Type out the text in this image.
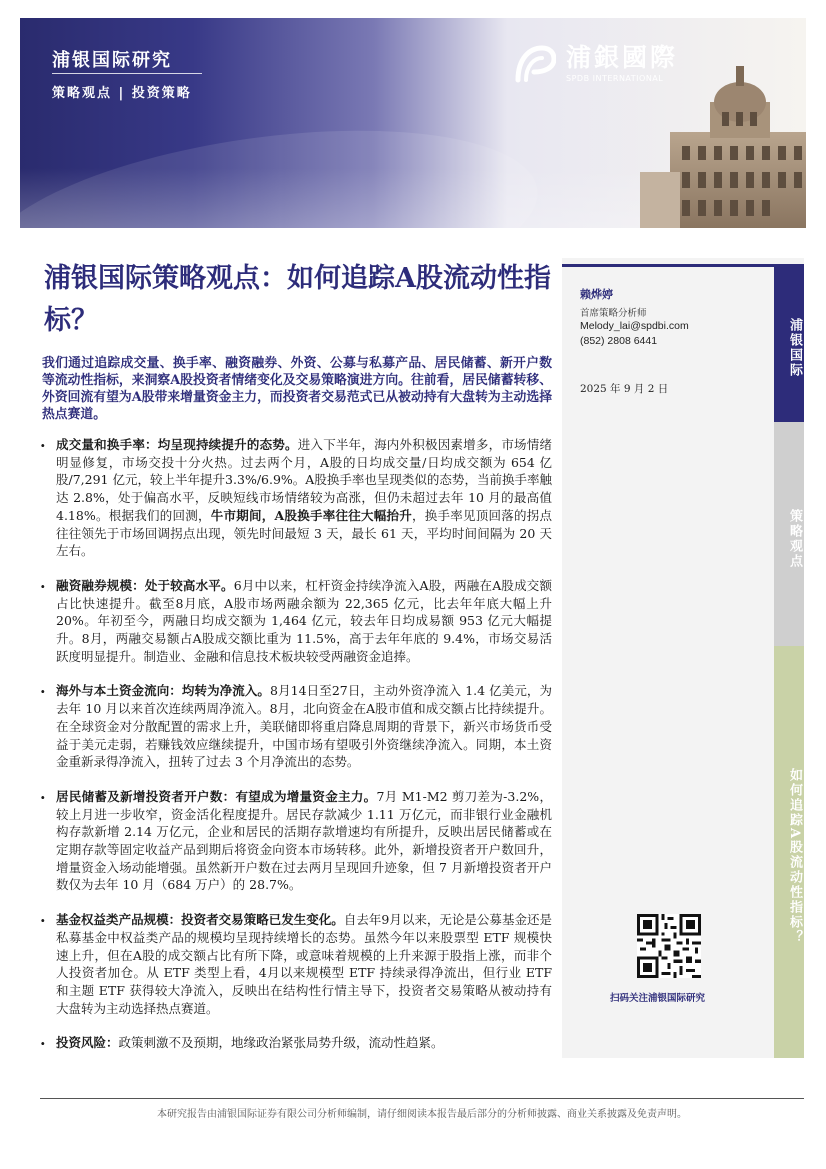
浦银国际研究
策略观点 | 投资策略
浦銀國際
SPDB INTERNATIONAL
浦银国际策略观点：如何追踪A股流动性指标？
我们通过追踪成交量、换手率、融资融券、外资、公募与私募产品、居民储蓄、新开户数等流动性指标，来洞察A股投资者情绪变化及交易策略演进方向。往前看，居民储蓄转移、外资回流有望为A股带来增量资金主力，而投资者交易范式已从被动持有大盘转为主动选择热点赛道。
. 成交量和换手率：均呈现持续提升的态势。进入下半年，海内外积极因素增多，市场情绪明显修复，市场交投十分火热。过去两个月，A股的日均成交量/日均成交额为 654 亿股/7,291 亿元，较上半年提升3.3%/6.9%。A股换手率也呈现类似的态势，当前换手率触达 2.8%，处于偏高水平，反映短线市场情绪较为高涨，但仍未超过去年 10 月的最高值 4.18%。根据我们的回测，牛市期间，A股换手率往往大幅抬升，换手率见顶回落的拐点往往领先于市场回调拐点出现，领先时间最短 3 天，最长 61 天，平均时间间隔为 20 天左右。
. 融资融券规模：处于较高水平。6月中以来，杠杆资金持续净流入A股，两融在A股成交额占比快速提升。截至8月底，A股市场两融余额为 22,365 亿元，比去年年底大幅上升 20%。年初至今，两融日均成交额为 1,464 亿元，较去年日均成易额 953 亿元大幅提升。8月，两融交易额占A股成交额比重为 11.5%，高于去年年底的 9.4%，市场交易活跃度明显提升。制造业、金融和信息技术板块较受两融资金追捧。
. 海外与本土资金流向：均转为净流入。8月14日至27日，主动外资净流入 1.4 亿美元，为去年 10 月以来首次连续两周净流入。8月，北向资金在A股市值和成交额占比持续提升。在全球资金对分散配置的需求上升，美联储即将重启降息周期的背景下，新兴市场货币受益于美元走弱，若赚钱效应继续提升，中国市场有望吸引外资继续净流入。同期，本土资金重新录得净流入，扭转了过去 3 个月净流出的态势。
. 居民储蓄及新增投资者开户数：有望成为增量资金主力。7月 M1-M2 剪刀差为-3.2%，较上月进一步收窄，资金活化程度提升。居民存款减少 1.11 万亿元，而非银行业金融机构存款新增 2.14 万亿元，企业和居民的活期存款增速均有所提升，反映出居民储蓄或在定期存款等固定收益产品到期后将资金向资本市场转移。此外，新增投资者开户数回升，增量资金入场动能增强。虽然新开户数在过去两月呈现回升迹象，但 7 月新增投资者开户数仅为去年 10 月（684 万户）的 28.7%。
. 基金权益类产品规模：投资者交易策略已发生变化。自去年9月以来，无论是公募基金还是私募基金中权益类产品的规模均呈现持续增长的态势。虽然今年以来股票型 ETF 规模快速上升，但在A股的成交额占比有所下降，或意味着规模的上升来源于股指上涨，而非个人投资者加仓。从 ETF 类型上看，4月以来规模型 ETF 持续录得净流出，但行业 ETF 和主题 ETF 获得较大净流入，反映出在结构性行情主导下，投资者交易策略从被动持有大盘转为主动选择热点赛道。
. 投资风险：政策刺激不及预期，地缘政治紧张局势升级，流动性趋紧。
赖烨婷
首席策略分析师
Melody_lai@spdbi.com
(852) 2808 6441
2025 年 9 月 2 日
浦银国际
策略观点
如何追踪A股流动性指标？
扫码关注浦银国际研究
本研究报告由浦银国际证券有限公司分析师编制，请仔细阅读本报告最后部分的分析师披露、商业关系披露及免责声明。
